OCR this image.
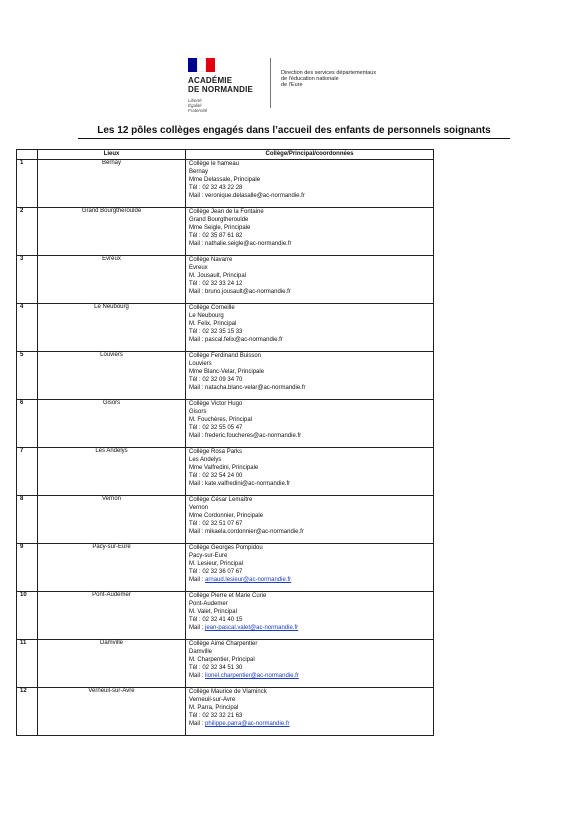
ACADÉMIE
DE NORMANDIE
Liberté
Égalité
Fraternité
Direction des services départementaux
de l'éducation nationale
de l'Eure
Les 12 pôles collèges engagés dans l’accueil des enfants de personnels soignants
	Lieux	Collège/Principal/coordonnées
1	Bernay	Collège le hameau
Bernay
Mme Delassale, Principale
Tél : 02 32 43 22 28
Mail : veronique.delasalle@ac-normandie.fr

2	Grand Bourgtheroulde	Collège Jean de la Fontaine
Grand Bourgtheroulde
Mme Seigle, Principale
Tél : 02 35 87 61 82
Mail : nathalie.seigle@ac-normandie.fr

3	Evreux	Collège Navarre
Evreux
M. Jousault, Principal
Tél : 02 32 33 24 12
Mail : bruno.jousault@ac-normandie.fr

4	Le Neubourg	Collège Corneille
Le Neubourg
M. Felix, Principal
Tél : 02 32 35 15 33
Mail : pascal.felix@ac-normandie.fr

5	Louviers	Collège Ferdinand Buisson
Louviers
Mme Blanc-Velar, Principale
Tél : 02 32 09 34 70
Mail : natacha.blanc-velar@ac-normandie.fr

6	Gisors	Collège Victor Hugo
Gisors
M. Fouchères, Principal
Tél : 02 32 55 05 47
Mail : frederic.foucheres@ac-normandie.fr

7	Les Andelys	Collège Rosa Parks
Les Andelys
Mme Valfredini, Principale
Tél : 02 32 54 24 00
Mail : kate.valfredini@ac-normandie.fr

8	Vernon	Collège César Lemaître
Vernon
Mme Cordonnier, Principale
Tél : 02 32 51 07 67
Mail : mikaela.cordonnier@ac-normandie.fr

9	Pacy-sur-Eure	Collège Georges Pompidou
Pacy-sur-Eure
M. Lesieur, Principal
Tél : 02 32 36 07 67
Mail : arnaud.lesieur@ac-normandie.fr

10	Pont-Audemer	Collège Pierre et Marie Curie
Pont-Audemer
M. Valet, Principal
Tél : 02 32 41 40 15
Mail : jean-pascal.valet@ac-normandie.fr

11	Damville	Collège Aimé Charpentier
Damville
M. Charpentier, Principal
Tél : 02 32 34 51 30
Mail : lionel.charpentier@ac-normandie.fr

12	Verneuil-sur-Avre	Collège Maurice de Vlaminck
Verneuil-sur-Avre
M. Parra, Principal
Tél : 02 32 32 21 63
Mail : philippe.parra@ac-normandie.fr
